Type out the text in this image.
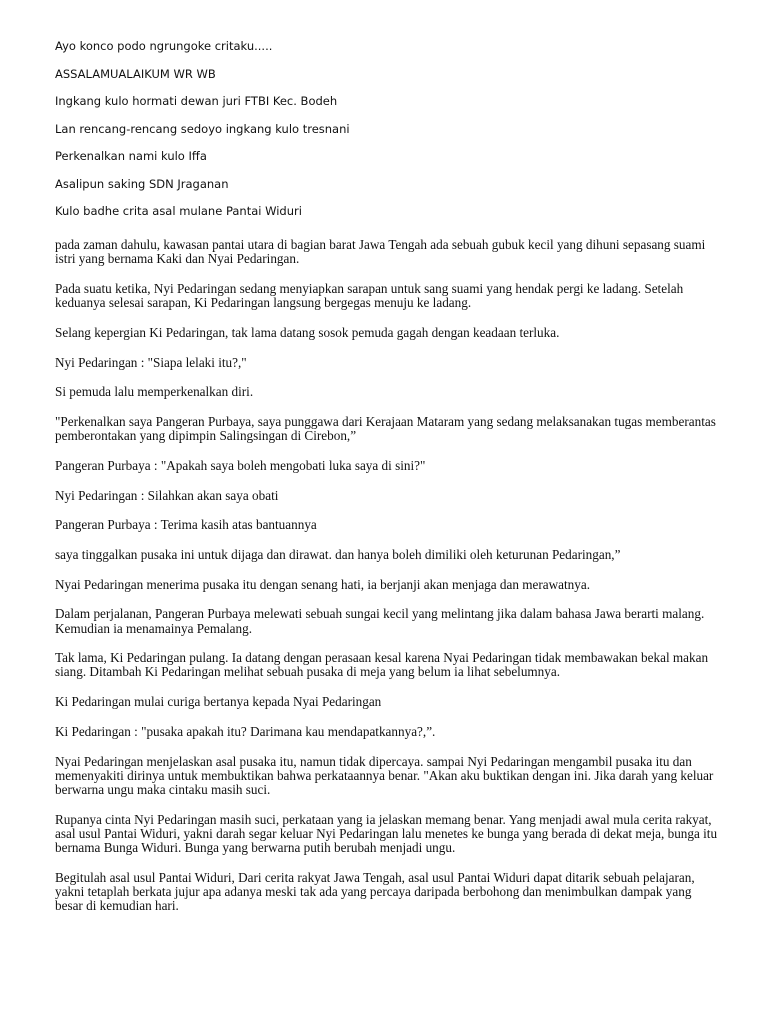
Ayo konco podo ngrungoke critaku.....

ASSALAMUALAIKUM WR WB

Ingkang kulo hormati dewan juri FTBI Kec. Bodeh

Lan rencang-rencang sedoyo ingkang kulo tresnani

Perkenalkan nami kulo Iffa

Asalipun saking SDN Jraganan

Kulo badhe crita asal mulane Pantai Widuri

pada zaman dahulu, kawasan pantai utara di bagian barat Jawa Tengah ada sebuah gubuk kecil yang dihuni sepasang suami istri yang bernama Kaki dan Nyai Pedaringan.

Pada suatu ketika, Nyi Pedaringan sedang menyiapkan sarapan untuk sang suami yang hendak pergi ke ladang. Setelah keduanya selesai sarapan, Ki Pedaringan langsung bergegas menuju ke ladang.

Selang kepergian Ki Pedaringan, tak lama datang sosok pemuda gagah dengan keadaan terluka.

Nyi Pedaringan : "Siapa lelaki itu?,"

Si pemuda lalu memperkenalkan diri.

"Perkenalkan saya Pangeran Purbaya, saya punggawa dari Kerajaan Mataram yang sedang melaksanakan tugas memberantas pemberontakan yang dipimpin Salingsingan di Cirebon,”

Pangeran Purbaya : "Apakah saya boleh mengobati luka saya di sini?"

Nyi Pedaringan : Silahkan akan saya obati

Pangeran Purbaya : Terima kasih atas bantuannya

saya tinggalkan pusaka ini untuk dijaga dan dirawat. dan hanya boleh dimiliki oleh keturunan Pedaringan,”

Nyai Pedaringan menerima pusaka itu dengan senang hati, ia berjanji akan menjaga dan merawatnya.

Dalam perjalanan, Pangeran Purbaya melewati sebuah sungai kecil yang melintang jika dalam bahasa Jawa berarti malang. Kemudian ia menamainya Pemalang.

Tak lama, Ki Pedaringan pulang. Ia datang dengan perasaan kesal karena Nyai Pedaringan tidak membawakan bekal makan siang. Ditambah Ki Pedaringan melihat sebuah pusaka di meja yang belum ia lihat sebelumnya.

Ki Pedaringan mulai curiga bertanya kepada Nyai Pedaringan

Ki Pedaringan : "pusaka apakah itu? Darimana kau mendapatkannya?,”.

Nyai Pedaringan menjelaskan asal pusaka itu, namun tidak dipercaya. sampai Nyi Pedaringan mengambil pusaka itu dan memenyakiti dirinya untuk membuktikan bahwa perkataannya benar. "Akan aku buktikan dengan ini. Jika darah yang keluar berwarna ungu maka cintaku masih suci.

Rupanya cinta Nyi Pedaringan masih suci, perkataan yang ia jelaskan memang benar. Yang menjadi awal mula cerita rakyat, asal usul Pantai Widuri, yakni darah segar keluar Nyi Pedaringan lalu menetes ke bunga yang berada di dekat meja, bunga itu bernama Bunga Widuri. Bunga yang berwarna putih berubah menjadi ungu.

Begitulah asal usul Pantai Widuri, Dari cerita rakyat Jawa Tengah, asal usul Pantai Widuri dapat ditarik sebuah pelajaran, yakni tetaplah berkata jujur apa adanya meski tak ada yang percaya daripada berbohong dan menimbulkan dampak yang besar di kemudian hari.
